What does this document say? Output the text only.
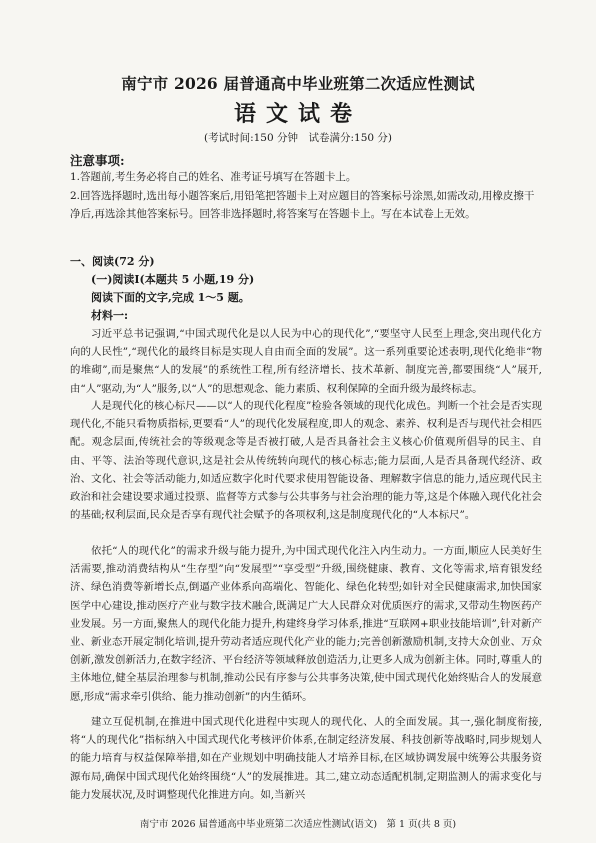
南宁市 2026 届普通高中毕业班第二次适应性测试
语文试卷
(考试时间:150 分钟　试卷满分:150 分)
注意事项:
1.答题前,考生务必将自己的姓名、准考证号填写在答题卡上。
2.回答选择题时,选出每小题答案后,用铅笔把答题卡上对应题目的答案标号涂黑,如需改动,用橡皮擦干净后,再选涂其他答案标号。回答非选择题时,将答案写在答题卡上。写在本试卷上无效。
一、阅读(72 分)
(一)阅读Ⅰ(本题共 5 小题,19 分)
阅读下面的文字,完成 1～5 题。
材料一:
习近平总书记强调,“中国式现代化是以人民为中心的现代化”,“要坚守人民至上理念,突出现代化方向的人民性”,“现代化的最终目标是实现人自由而全面的发展”。这一系列重要论述表明,现代化绝非“物的堆砌”,而是聚焦“人的发展”的系统性工程,所有经济增长、技术革新、制度完善,都要围绕“人”展开,由“人”驱动,为“人”服务,以“人”的思想观念、能力素质、权利保障的全面升级为最终标志。
人是现代化的核心标尺——以“人的现代化程度”检验各领域的现代化成色。判断一个社会是否实现现代化,不能只看物质指标,更要看“人”的现代化发展程度,即人的观念、素养、权利是否与现代社会相匹配。观念层面,传统社会的等级观念等是否被打破,人是否具备社会主义核心价值观所倡导的民主、自由、平等、法治等现代意识,这是社会从传统转向现代的核心标志;能力层面,人是否具备现代经济、政治、文化、社会等活动能力,如适应数字化时代要求使用智能设备、理解数字信息的能力,适应现代民主政治和社会建设要求通过投票、监督等方式参与公共事务与社会治理的能力等,这是个体融入现代化社会的基础;权利层面,民众是否享有现代社会赋予的各项权利,这是制度现代化的“人本标尺”。
依托“人的现代化”的需求升级与能力提升,为中国式现代化注入内生动力。一方面,顺应人民美好生活需要,推动消费结构从“生存型”向“发展型”“享受型”升级,围绕健康、教育、文化等需求,培育银发经济、绿色消费等新增长点,倒逼产业体系向高端化、智能化、绿色化转型;如针对全民健康需求,加快国家医学中心建设,推动医疗产业与数字技术融合,既满足广大人民群众对优质医疗的需求,又带动生物医药产业发展。另一方面,聚焦人的现代化能力提升,构建终身学习体系,推进“互联网+职业技能培训”,针对新产业、新业态开展定制化培训,提升劳动者适应现代化产业的能力;完善创新激励机制,支持大众创业、万众创新,激发创新活力,在数字经济、平台经济等领域释放创造活力,让更多人成为创新主体。同时,尊重人的主体地位,健全基层治理参与机制,推动公民有序参与公共事务决策,使中国式现代化始终贴合人的发展意愿,形成“需求牵引供给、能力推动创新”的内生循环。
建立互促机制,在推进中国式现代化进程中实现人的现代化、人的全面发展。其一,强化制度衔接,将“人的现代化”指标纳入中国式现代化考核评价体系,在制定经济发展、科技创新等战略时,同步规划人的能力培育与权益保障举措,如在产业规划中明确技能人才培养目标,在区域协调发展中统筹公共服务资源布局,确保中国式现代化始终围绕“人”的发展推进。其二,建立动态适配机制,定期监测人的需求变化与能力发展状况,及时调整现代化推进方向。如,当新兴
南宁市 2026 届普通高中毕业班第二次适应性测试(语文)　第 1 页(共 8 页)
